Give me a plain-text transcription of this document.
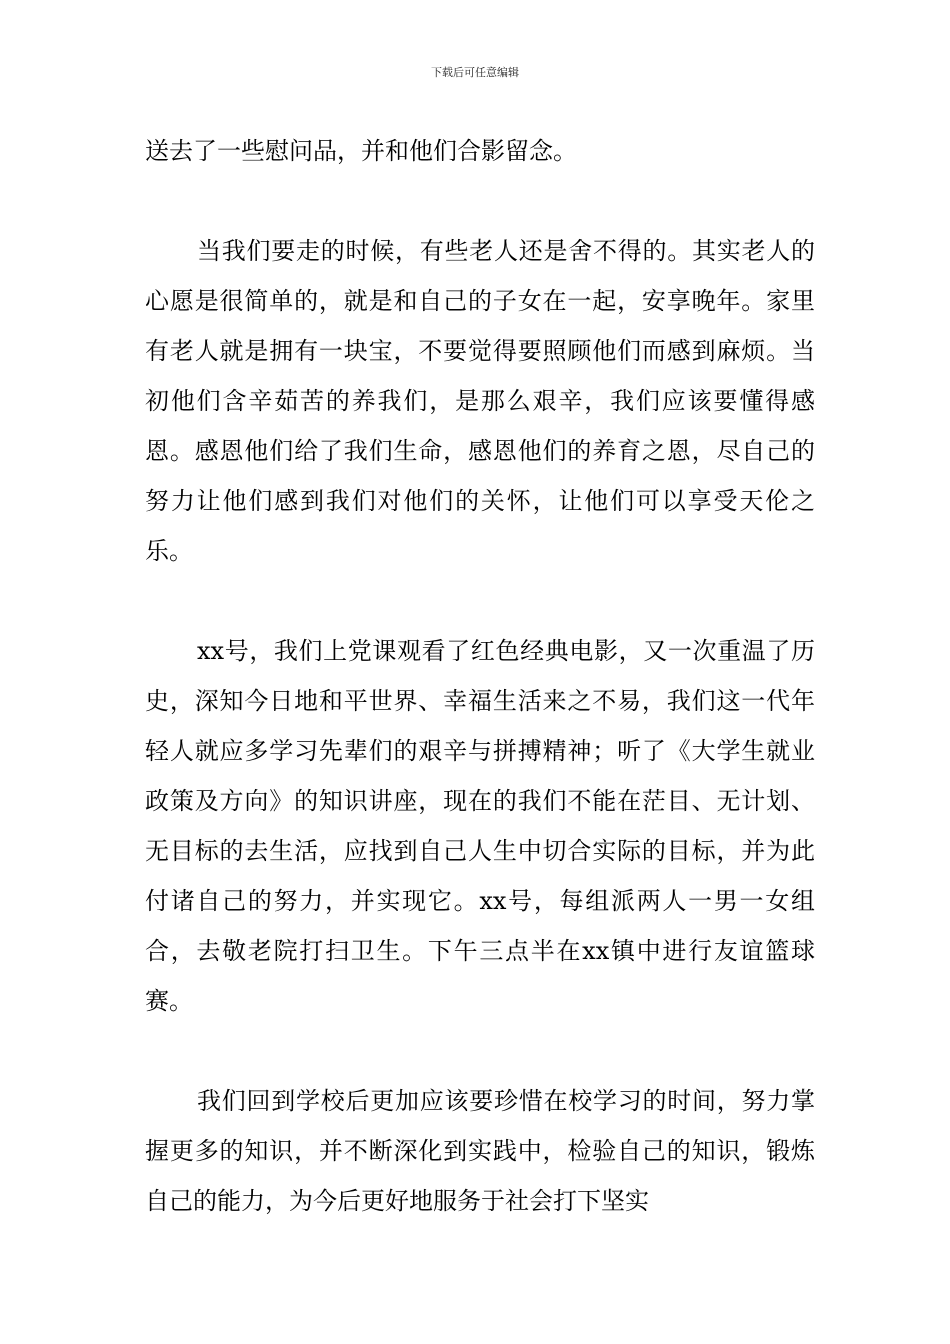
下载后可任意编辑

送去了一些慰问品，并和他们合影留念。

当我们要走的时候，有些老人还是舍不得的。其实老人的心愿是很简单的，就是和自己的子女在一起，安享晚年。家里有老人就是拥有一块宝，不要觉得要照顾他们而感到麻烦。当初他们含辛茹苦的养我们，是那么艰辛，我们应该要懂得感恩。感恩他们给了我们生命，感恩他们的养育之恩，尽自己的努力让他们感到我们对他们的关怀，让他们可以享受天伦之乐。

xx号，我们上党课观看了红色经典电影，又一次重温了历史，深知今日地和平世界、幸福生活来之不易，我们这一代年轻人就应多学习先辈们的艰辛与拼搏精神；听了《大学生就业政策及方向》的知识讲座，现在的我们不能在茫目、无计划、无目标的去生活，应找到自己人生中切合实际的目标，并为此付诸自己的努力，并实现它。xx号，每组派两人一男一女组合，去敬老院打扫卫生。下午三点半在xx镇中进行友谊篮球赛。

我们回到学校后更加应该要珍惜在校学习的时间，努力掌握更多的知识，并不断深化到实践中，检验自己的知识，锻炼自己的能力，为今后更好地服务于社会打下坚实
